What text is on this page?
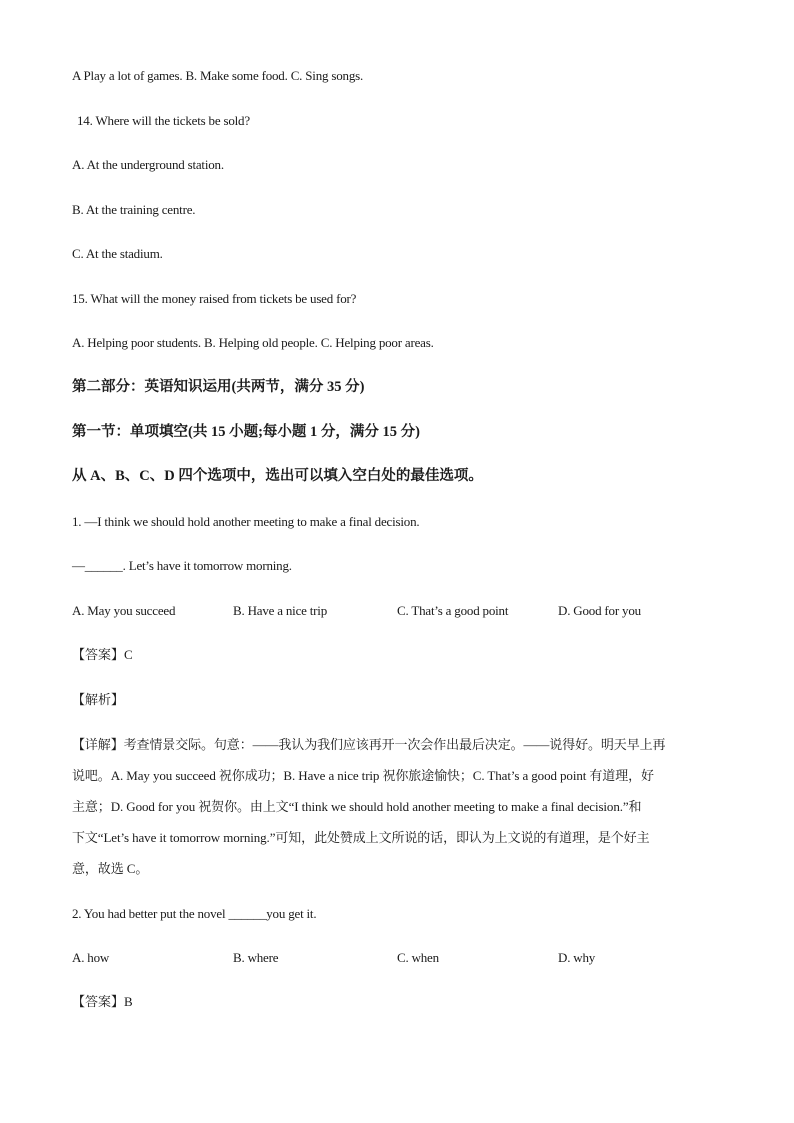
A Play a lot of games. B. Make some food. C. Sing songs.
14. Where will the tickets be sold?
A. At the underground station.
B. At the training centre.
C. At the stadium.
15. What will the money raised from tickets be used for?
A. Helping poor students. B. Helping old people. C. Helping poor areas.
第二部分：英语知识运用(共两节，满分 35 分)
第一节：单项填空(共 15 小题;每小题 1 分，满分 15 分)
从 A、B、C、D 四个选项中，选出可以填入空白处的最佳选项。
1. —I think we should hold another meeting to make a final decision.
—______. Let’s have it tomorrow morning.
A. May you succeed	B. Have a nice trip	C. That’s a good point	D. Good for you
【答案】C
【解析】

【详解】考查情景交际。句意：——我认为我们应该再开一次会作出最后决定。——说得好。明天早上再

说吧。A. May you succeed 祝你成功；B. Have a nice trip 祝你旅途愉快；C. That’s a good point 有道理，好

主意；D. Good for you 祝贺你。由上文“I think we should hold another meeting to make a final decision.”和

下文“Let’s have it tomorrow morning.”可知，此处赞成上文所说的话，即认为上文说的有道理，是个好主

意，故选 C。

2. You had better put the novel ______you get it.
A. how	B. where	C. when	D. why
【答案】B
